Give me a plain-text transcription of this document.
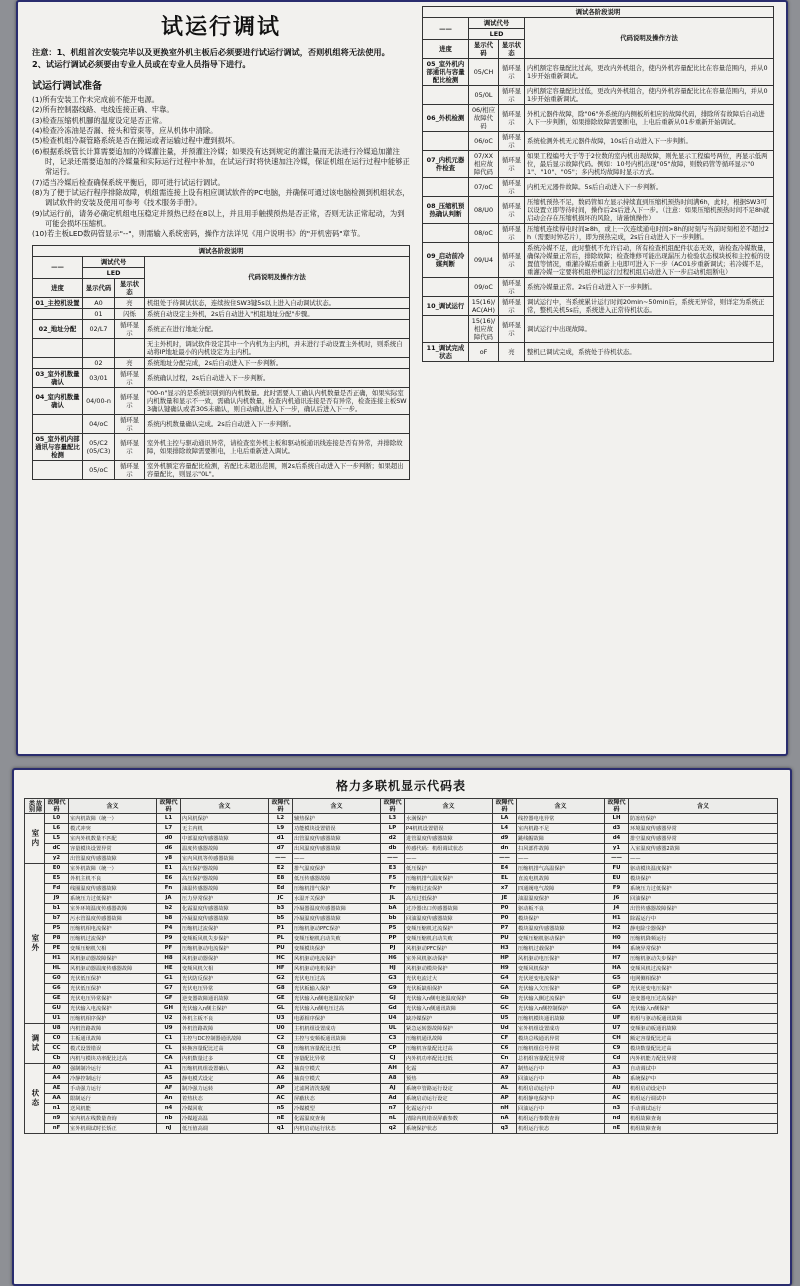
试运行调试
注意：1、机组首次安装完毕以及更换室外机主板后必须要进行试运行调试，否则机组将无法使用。
2、试运行调试必须要由专业人员或在专业人员指导下进行。
试运行调试准备

(1)所有安装工作未完成前不能开电源。

(2)所有控制器线路、电线连接正确、牢靠。

(3)检查压缩机机腳的温度设定是否正常。

(4)检查冷冻油是否漏、接头和管束等，应从机体中清除。

(5)检查机组冷凝管路系统是否在搬运或者运输过程中遭到损坏。

(6)根据系统管长计算需要追加的冷媒灌注量，并预灌注冷媒；如果没有达到规定的灌注量而无法进行冷媒追加灌注时，记录还需要追加的冷媒量和实际运行过程中补加，在试运行时将快速加注冷媒，保证机组在运行过程中能够正常运行。

(7)适当冷媒后检查确保系统平衡后，即可进行试运行调试。

(8)为了便于试运行程序排除故障，机组需连接上设有相应调试软件的PC电脑，并确保可通过该电脑检测到机组状态，调试软件的安装及使用可参考《技术服务手册》。

(9)试运行前，请务必确定机组电压稳定并预热已经在8以上，并且用手触摸预热是否正常，否则无法正常起动，为到可能会损坏压缩机。

(10)若主板LED数码管显示"--"，则需输入系统密码，操作方法详见《用户说明书》的"开机密码"章节。

调试各阶段说明			
——	调试代号		代码说明及操作方法
	LED		
进度	显示代码	显示状态	
01_主控机设置	A0	亮	机组处于待调试状态，连续按住SW3键5s以上进入自动调试状态。
	01	闪烁	系统自动设定主外机，2s后自动进入"机组地址分配"步骤。
02_地址分配	02/L7	循环显示	系统正在进行地址分配。
			无主外机时，调试软件设定其中一个内机为主内机，并未进行手动设置主外机时，则系统自动将IP地址最小的内机设定为主内机。
	02	亮	系统地址分配完成，2s后自动进入下一步判断。
03_室外机数量确认	03/01	循环显示	系统确认过程，2s后自动进入下一步判断。
04_室内机数量确认	04/00-n	循环显示	"00-n"显示的是系统识别到的内机数量。此时需要人工确认内机数量是否正确，如果实际室内机数量和显示不一致，需确认内机数量，检查内机通讯连接是否有异常，检查连接主板SW3确认键确认或者30S未确认，则自动确认进入下一步，确认后进入下一步。
	04/oC	循环显示	系统内机数量确认完成。2s后自动进入下一步判断。
05_室外机内部通讯与容量配比检测	05/C2 (05/C3)	循环显示	室外机主控与驱动通讯异常，请检查室外机主板和驱动板通讯线连接是否有异常，并排除故障，如果排除故障需要断电，上电后重新进入调试。
	05/oC	循环显示	室外机额定容量配比检测，若配比未超出范围，则2s后系统自动进入下一步判断；如果超出容量配比，则显示"0L"。
调试各阶段说明			
——	调试代号		代码说明及操作方法
	LED		
进度	显示代码	显示状态	
05_室外机内部通讯与容量配比检测	05/CH	循环显示	内机额定容量配比过高，更改内外机组合，使内外机容量配比比在容量范围内，并从01步开始重新调试。
	05/0L	循环显示	内机额定容量配比过低，更改内外机组合，使内外机容量配比比在容量范围内，并从01步开始重新调试。
06_外机检测	06/相应故障代码	循环显示	外机元器件故障，除"06"外系统的内侧板所相应的故障代码，排除所有故障后自动进入下一步判断，如果排除故障需要断电，上电后重新从01步重新开始调试。
	06/oC	循环显示	系统检测外机无元器件故障，10s后自动进入下一步判断。
07_内机元器件检查	07/XX相应故障代码	循环显示	如果工程编号大于等于2位数的室内机出现故障，则先显示工程编号两位，再显示低两位，最后显示故障代码。例如：10号内机出现"05"故障，则数码管等循环显示"01"、"10"、"05"；多内机均故障时显示方式。
	07/oC	循环显示	内机无元器件故障。5s后自动进入下一步判断。
08_压缩机预热确认判断	08/U0	循环显示	压缩机预热不足，数码管如左显示持续直到压缩机预热时间满6h，此时，根据SW3可以设置立即等待时间，操作后2s后进入下一步。（注意：如果压缩机预热时间不足8h就启动会存在压缩机损坏的风险，请谨慎操作）
	08/oC	循环显示	压缩机连续得电时间≥8h，或上一次连续通电时间>8h的时刻与当前时刻相差不超过2h（需要时钟芯片），即为预热完成，2s后自动进入下一步判断。
09_启动前冷媒判断	09/U4	循环显示	系统冷媒不足，此时整机不允许启动，所有检查机组配件状态无效，请检查冷媒数量，确保冷媒量正常后，排除故障；检查维修可能出现漏压力检验状态模块板和主控板的设置值等情况，重灌冷媒后重新上电即可进入下一步（AC01步重新调试；若冷媒不足，重灌冷媒一定要将机组停机运行过程机组启动进入下一步启动机组断电）
	09/oC	循环显示	系统冷媒量正常。2s后自动进入下一步判断。
10_调试运行	15(16)/AC(AH)	循环显示	调试运行中，当系统累计运行时间20min~50min后，系统无异常，则详定为系统正常，整机关机5s后，系统进入正常待机状态。
	15(16)/相应故障代码	循环显示	调试运行中出现故障。
11_调试完成状态	oF	亮	整机已调试完成，系统处于待机状态。
格力多联机显示代码表
故障类别	故障代码	含义	故障代码	含义	故障代码	含义	故障代码	含义	故障代码	含义	故障代码	含义
室内	L0	室内机故障（统一）	L1	内风机保护	L2	辅热保护	L3	水满保护	LA	线控器电电异常	LH	防冻结保护
	L6	模式冲突	L7	无主内机	L9	功能模块设置错误	LP	P4机机设置错误	L4	室内机路不足	d3	环境温度传感器异常
	L5	室内外机数量不匹配	d0	中部温度传感器故障	d1	出管温度传感器故障	d2	进管温度传感器故障	d9	跳线帽故障	d4	排空温度传感器异常
	dC	容量模块设置异常	d6	温度传感器故障	d7	出风温度传感器故障	db	传感代码：机组调试状态	dn	扫风部件故障	y1	入室温度传感器2故障
	y2	出管温度传感器故障	y8	室内风机等传感器故障	——	——	——	——	——	——	——	——
室外	E0	室外机故障（统一）	E1	高压保护器故障	E2	排气温度保护	E3	低压保护	E4	压缩机排气高温保护	FU	驱动模块温度保护
	E5	外机主机不良	E6	高压保护器故障	E8	低压传感器故障	F5	压缩机排气温度保护	EL	直流电机故障	EU	模块保护
	Fd	线圈温度传感器故障	Fn	油温传感器故障	Ed	压缩机排气保护	Fr	压缩机过流保护	x7	四通阀电气故障	F9	系统压力过低保护
	J9	系统压力过低保护	JA	压力异常保护	JC	水温开关保护	JL	高压过低保护	JE	油温温度保护	J6	回油保护
	b1	室外环境温度传感器故障	b2	化霜温度传感器故障	b3	冷凝器温度传感器故障	bA	过冷器出口传感器故障	P0	驱动板不良	J4	出管传感器故障保护
	b7	污水管温度传感器故障	b8	冷凝温度传感器故障	b5	冷凝温度传感器故障	bb	回油温度传感器故障	P0	模块保护	H1	除霜运行中
	P5	压缩机相电流保护	P4	压缩机过流保护	P1	压缩机驱动PFC保护	P5	变频压缩机过流保护	P7	模块温度传感器故障	H2	静电除尘器保护
	P8	压缩机过流保护	P9	变频板风机失步保护	PL	变频压缩机启动失败	PP	变频压缩机启动失败	PU	变频压缩机驱动保护	H0	压缩机降频运行
	PE	变频压缩机欠相	PF	压缩机驱动电流保护	PU	变频模块保护	PJ	风机驱动PFC保护	H3	压缩机过载保护	H4	系统异常保护
	H1	风机驱动器故障保护	H8	风机驱动器保护	HC	风机驱动电流保护	H6	室外风机驱动保护	HP	风机驱动电压保护	H7	压缩机驱动失步保护
	HL	风机驱动器温度传感器故障	HE	变频风机欠相	HF	风机驱动电机保护	HJ	风机驱动模块保护	H9	变频风机保护	HA	变频风机过流保护
	G0	光伏低压保护	G1	光伏防反保护	G2	光伏电压过高	G3	光伏电流过大	G4	光伏逆变电流保护	G5	电网侧相保护
	G6	光伏低压保护	G7	光伏电压异常	G8	光伏板输入保护	G9	光伏板缺相保护	GA	光伏输入欠压保护	GP	光伏逆变电压保护
	GE	光伏电压异常保护	GF	逆变器故障通讯故障	GE	光伏输入n侧电池温度保护	GJ	光伏输入n侧电池温度保护	Gb	光伏输入侧过流保护	GU	逆变器电压过高保护
	GU	光伏输入电流保护	GH	光伏输入n侧主保护	GL	光伏输入n侧电压过高	Gd	光伏输入n侧通讯故障	GC	光伏输入n侧控制保护	GA	光伏输入n侧保护
	U1	压缩机相序保护	U2	外机主板不良	U3	电源相序保护	U4	缺冷媒保护	U5	压缩机模块通讯故障	UF	机组与驱动板通讯故障
调试	U8	内机管路故障	U9	外机管路故障	U0	主机机组设置成功	UL	紧急运转器故障保护	Ud	室外机组设置成功	U7	变频驱动板通讯故障
	C0	主板通讯故障	C1	主控与DC控制器通讯故障	C2	主控与变频板通讯故障	C3	压缩机通讯故障	CF	模块总线通讯异常	CH	额定容量配比过高
	CC	模式设置错误	CL	转换容量配比过高	C8	压缩机容量配比过低	CP	压缩机容量配比过高	C6	压缩机组信号异常	C9	模块数量配比过高
	Cb	内机与模块功率配比过高	CA	内机数量过多	CE	容量配比异常	CJ	内外机功率配比过低	Cn	总机组容量配比异常	Cd	内外机能力配比异常
状态	A0	强制制冷运行	A1	压缩机机组设置确认	A2	抽真空模式	AH	化霜	A7	制热运行中	A3	自动调试中
	A4	冷静控制运行	A5	静电模式设定	A6	抽真空模式	A8	预热	A9	回油运行中	Ab	系统保护中
	AE	手动强力运行	AF	制冷强力运转	AP	过滤网清洗提醒	AJ	系统中管路运行设定	AL	机组启动运行中	AU	机组启动设定中
	AA	限制运行	An	着热状态	AC	屏蔽状态	Ad	系统启动运行设定	AP	机组静电保护中	AC	机组运行调试中
	n1	送风机能	n4	冷媒回收	n5	冷媒模型	n7	化霜运行中	nH	回油运行中	n3	手动调试运行
	n9	室内机在线数量查询	nb	冷媒超高温	nE	化霜温度查询	nL	清除内机错误屏蔽参数	nA	机组运行参数查询	nd	机组故障查询
	nF	室外机调试时长矫正	nJ	低压值高调	q1	内机启动运行状态	q2	系统保护状态	q3	机组运行状态	nE	机组故障查询
